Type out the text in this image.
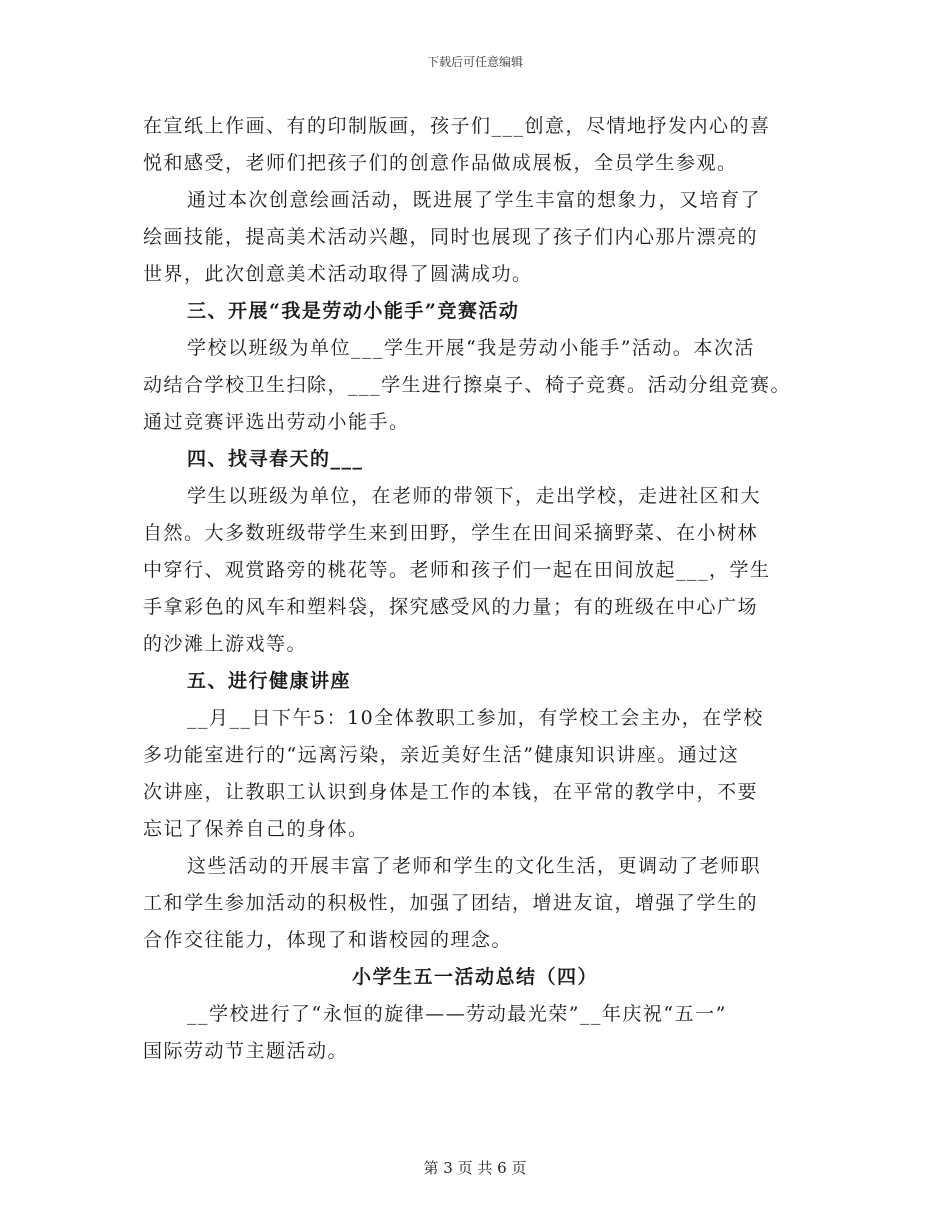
下载后可任意编辑
在宣纸上作画、有的印制版画，孩子们___创意，尽情地抒发内心的喜
悦和感受，老师们把孩子们的创意作品做成展板，全员学生参观。
通过本次创意绘画活动，既进展了学生丰富的想象力，又培育了
绘画技能，提高美术活动兴趣，同时也展现了孩子们内心那片漂亮的
世界，此次创意美术活动取得了圆满成功。
三、开展“我是劳动小能手”竞赛活动
学校以班级为单位___学生开展“我是劳动小能手”活动。本次活
动结合学校卫生扫除，___学生进行擦桌子、椅子竞赛。活动分组竞赛。
通过竞赛评选出劳动小能手。
四、找寻春天的___
学生以班级为单位，在老师的带领下，走出学校，走进社区和大
自然。大多数班级带学生来到田野，学生在田间采摘野菜、在小树林
中穿行、观赏路旁的桃花等。老师和孩子们一起在田间放起___，学生
手拿彩色的风车和塑料袋，探究感受风的力量；有的班级在中心广场
的沙滩上游戏等。
五、进行健康讲座
__月__日下午5：10全体教职工参加，有学校工会主办，在学校
多功能室进行的“远离污染，亲近美好生活”健康知识讲座。通过这
次讲座，让教职工认识到身体是工作的本钱，在平常的教学中，不要
忘记了保养自己的身体。
这些活动的开展丰富了老师和学生的文化生活，更调动了老师职
工和学生参加活动的积极性，加强了团结，增进友谊，增强了学生的
合作交往能力，体现了和谐校园的理念。
小学生五一活动总结（四）
__学校进行了“永恒的旋律——劳动最光荣”__年庆祝“五一”
国际劳动节主题活动。
第 3 页 共 6 页
